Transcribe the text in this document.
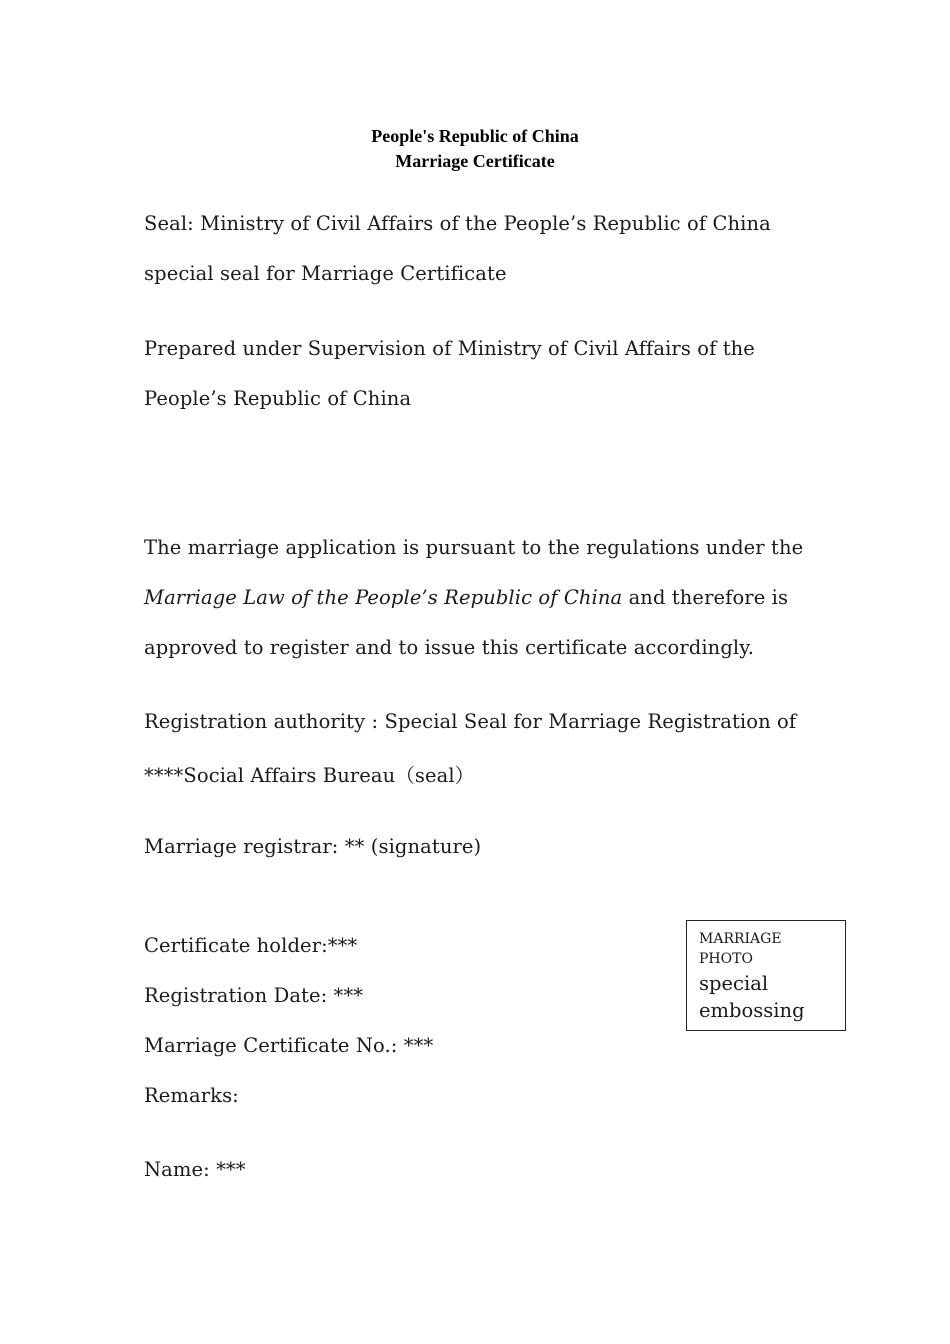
People's Republic of China
Marriage Certificate
Seal: Ministry of Civil Affairs of the People’s Republic of China
special seal for Marriage Certificate
Prepared under Supervision of Ministry of Civil Affairs of the
People’s Republic of China
The marriage application is pursuant to the regulations under the
Marriage Law of the People’s Republic of China and therefore is
approved to register and to issue this certificate accordingly.
Registration authority : Special Seal for Marriage Registration of
****Social Affairs Bureau（seal）
Marriage registrar: ** (signature)
Certificate holder:***
Registration Date: ***
Marriage Certificate No.: ***
Remarks:
Name: ***
MARRIAGE PHOTO
special embossing
